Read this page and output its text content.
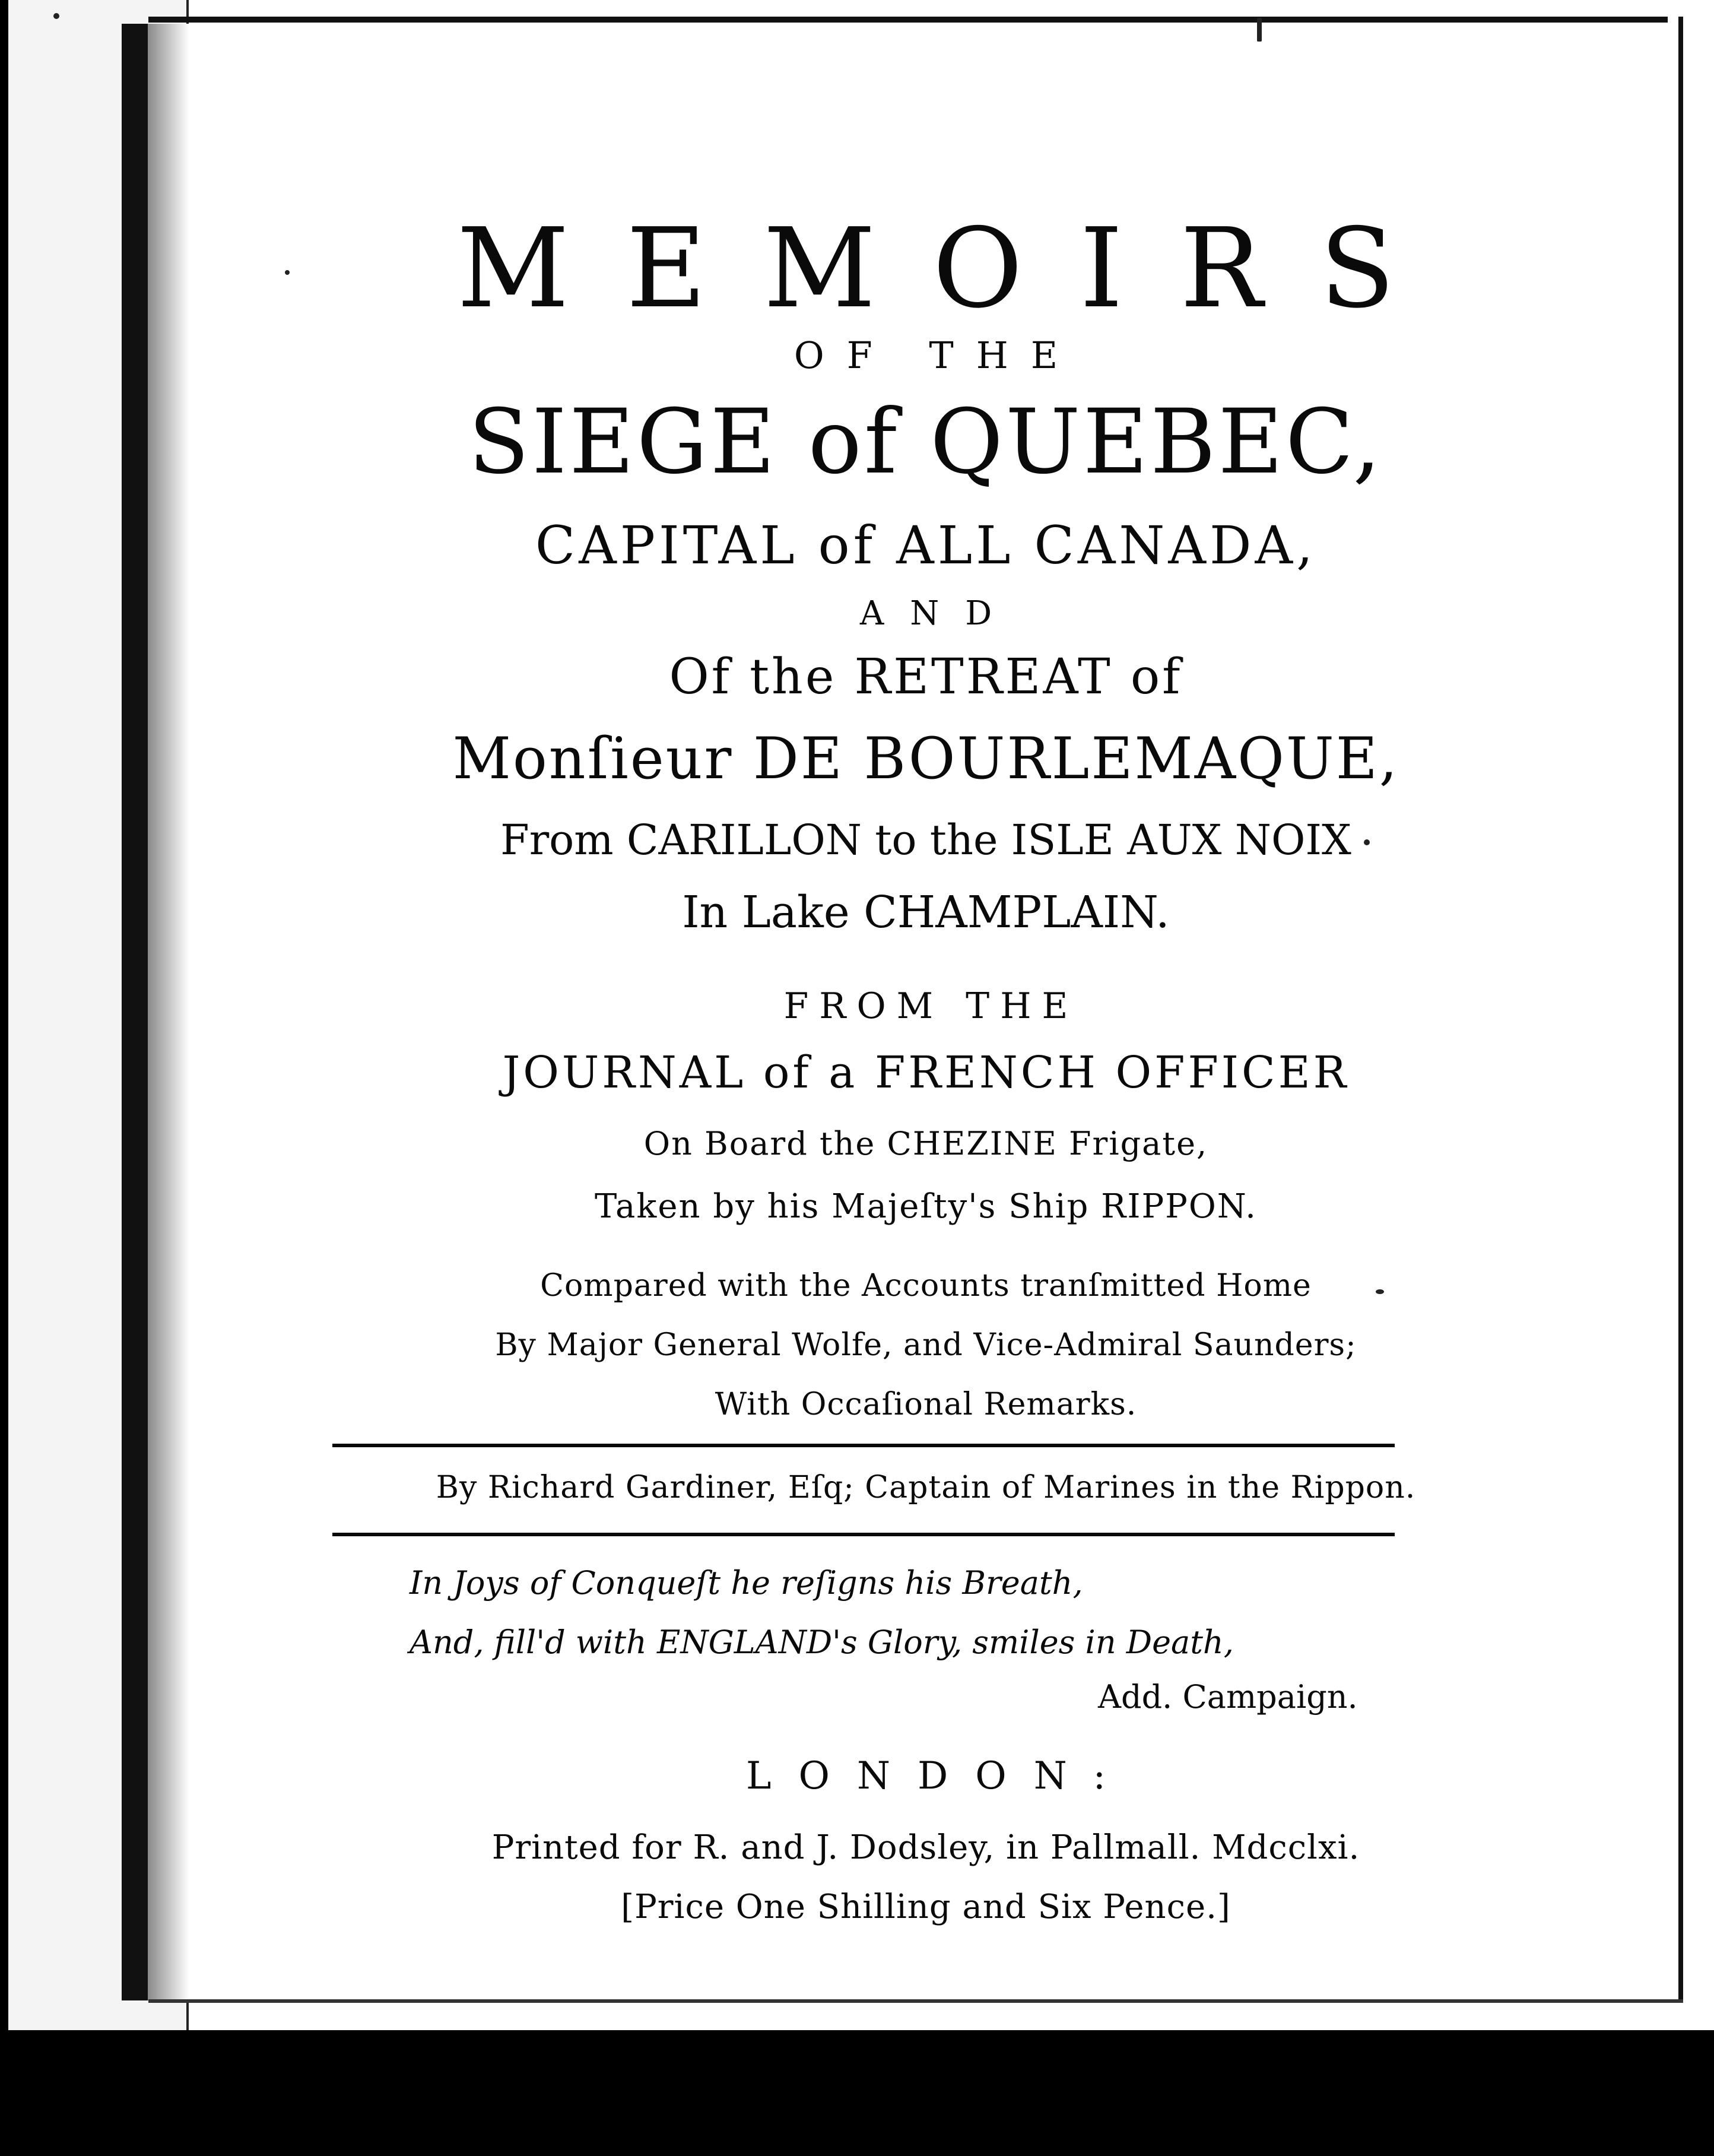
MEMOIRS
OF THE
SIEGE of QUEBEC,
CAPITAL of ALL CANADA,
AND
Of the RETREAT of
Monſieur DE BOURLEMAQUE,
From CARILLON to the ISLE AUX NOIX
In Lake CHAMPLAIN.
FROM THE
JOURNAL of a FRENCH OFFICER
On Board the CHEZINE Frigate,
Taken by his Majeſty's Ship RIPPON.
Compared with the Accounts tranſmitted Home
By Major General Wolfe, and Vice-Admiral Saunders;
With Occaſional Remarks.
By Richard Gardiner, Eſq; Captain of Marines in the Rippon.
In Joys of Conqueſt he reſigns his Breath,
And, fill'd with ENGLAND's Glory, smiles in Death,
Add. Campaign.
LONDON:
Printed for R. and J. Dodsley, in Pallmall. Mdcclxi.
[Price One Shilling and Six Pence.]
